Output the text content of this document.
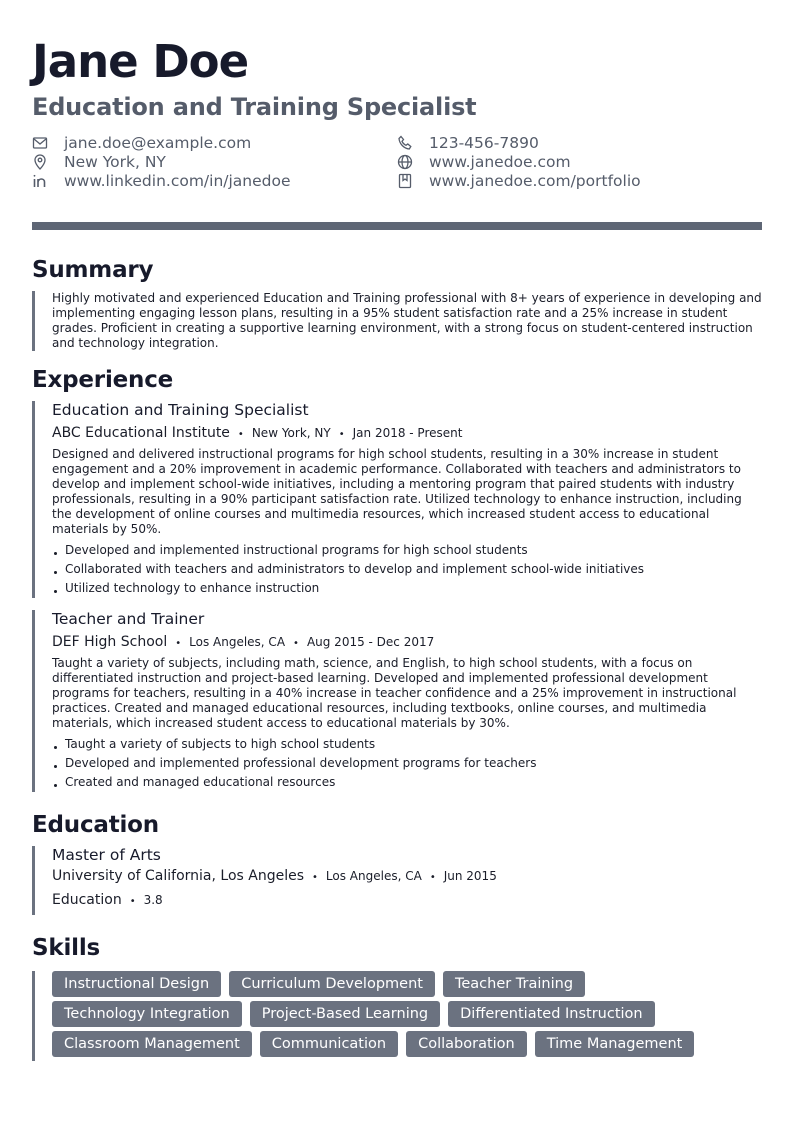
Jane Doe
Education and Training Specialist
jane.doe@example.com	123-456-7890
New York, NY	www.janedoe.com
www.linkedin.com/in/janedoe	www.janedoe.com/portfolio
Summary
Highly motivated and experienced Education and Training professional with 8+ years of experience in developing and implementing engaging lesson plans, resulting in a 95% student satisfaction rate and a 25% increase in student grades. Proficient in creating a supportive learning environment, with a strong focus on student-centered instruction and technology integration.
Experience
Education and Training Specialist
ABC Educational Institute • New York, NY • Jan 2018 - Present
Designed and delivered instructional programs for high school students, resulting in a 30% increase in student engagement and a 20% improvement in academic performance. Collaborated with teachers and administrators to develop and implement school-wide initiatives, including a mentoring program that paired students with industry professionals, resulting in a 90% participant satisfaction rate. Utilized technology to enhance instruction, including the development of online courses and multimedia resources, which increased student access to educational materials by 50%.
Developed and implemented instructional programs for high school students
Collaborated with teachers and administrators to develop and implement school-wide initiatives
Utilized technology to enhance instruction
Teacher and Trainer
DEF High School • Los Angeles, CA • Aug 2015 - Dec 2017
Taught a variety of subjects, including math, science, and English, to high school students, with a focus on differentiated instruction and project-based learning. Developed and implemented professional development programs for teachers, resulting in a 40% increase in teacher confidence and a 25% improvement in instructional practices. Created and managed educational resources, including textbooks, online courses, and multimedia materials, which increased student access to educational materials by 30%.
Taught a variety of subjects to high school students
Developed and implemented professional development programs for teachers
Created and managed educational resources
Education
Master of Arts
University of California, Los Angeles • Los Angeles, CA • Jun 2015
Education • 3.8
Skills
Instructional Design	Curriculum Development	Teacher Training
Technology Integration	Project-Based Learning	Differentiated Instruction
Classroom Management	Communication	Collaboration	Time Management
